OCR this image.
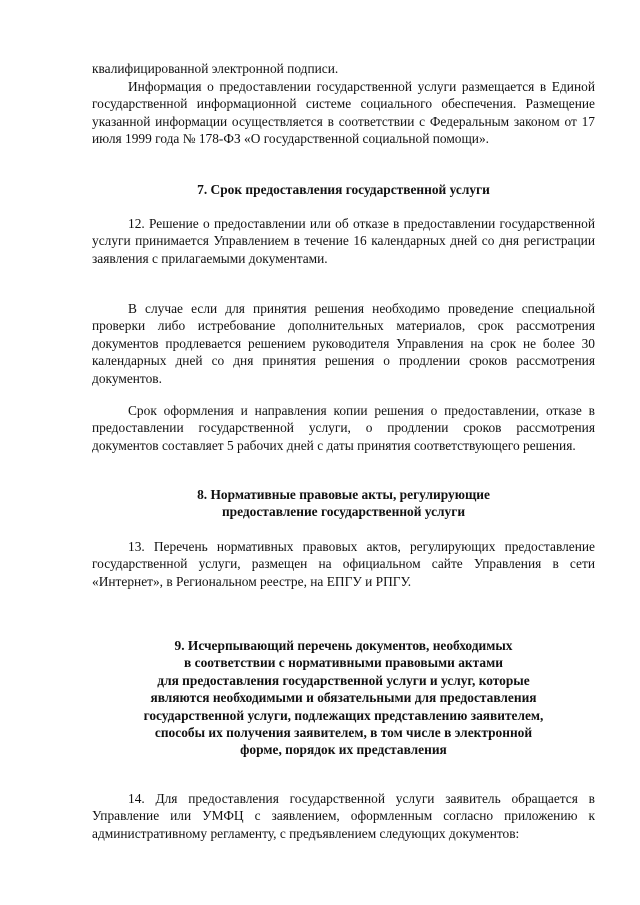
квалифицированной электронной подписи.
Информация о предоставлении государственной услуги размещается в Единой государственной информационной системе социального обеспечения. Размещение указанной информации осуществляется в соответствии с Федеральным законом от 17 июля 1999 года № 178-ФЗ «О государственной социальной помощи».
7. Срок предоставления государственной услуги
12. Решение о предоставлении или об отказе в предоставлении государственной услуги принимается Управлением в течение 16 календарных дней со дня регистрации заявления с прилагаемыми документами.
В случае если для принятия решения необходимо проведение специальной проверки либо истребование дополнительных материалов, срок рассмотрения документов продлевается решением руководителя Управления на срок не более 30 календарных дней со дня принятия решения о продлении сроков рассмотрения документов.
Срок оформления и направления копии решения о предоставлении, отказе в предоставлении государственной услуги, о продлении сроков рассмотрения документов составляет 5 рабочих дней с даты принятия соответствующего решения.
8. Нормативные правовые акты, регулирующие
предоставление государственной услуги
13. Перечень нормативных правовых актов, регулирующих предоставление государственной услуги, размещен на официальном сайте Управления в сети «Интернет», в Региональном реестре, на ЕПГУ и РПГУ.
9. Исчерпывающий перечень документов, необходимых
в соответствии с нормативными правовыми актами
для предоставления государственной услуги и услуг, которые
являются необходимыми и обязательными для предоставления
государственной услуги, подлежащих представлению заявителем,
способы их получения заявителем, в том числе в электронной
форме, порядок их представления
14. Для предоставления государственной услуги заявитель обращается в Управление или УМФЦ с заявлением, оформленным согласно приложению к административному регламенту, с предъявлением следующих документов:
